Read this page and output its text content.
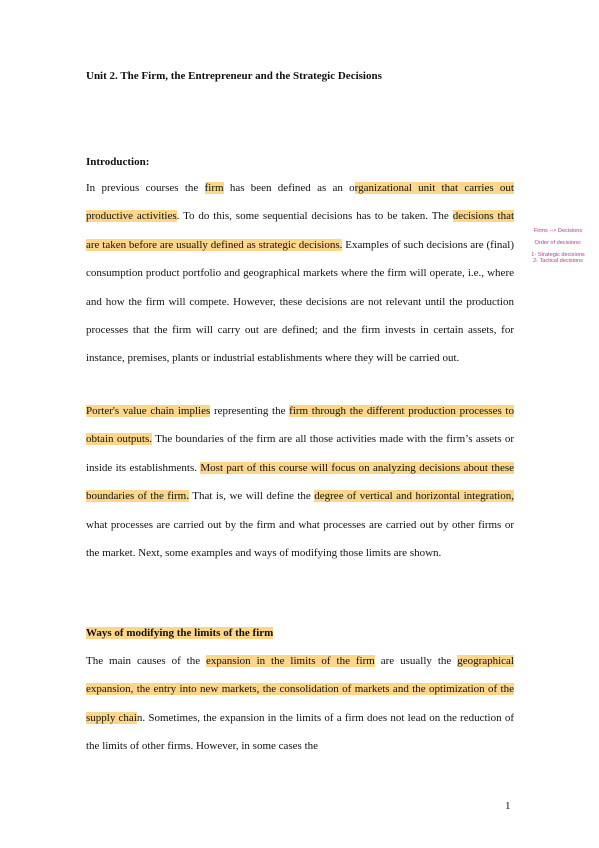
Unit 2. The Firm, the Entrepreneur and the Strategic Decisions
Introduction:

In previous courses the firm has been defined as an organizational unit that carries out productive activities. To do this, some sequential decisions has to be taken. The decisions that are taken before are usually defined as strategic decisions. Examples of such decisions are (final) consumption product portfolio and geographical markets where the firm will operate, i.e., where and how the firm will compete. However, these decisions are not relevant until the production processes that the firm will carry out are defined; and the firm invests in certain assets, for instance, premises, plants or industrial establishments where they will be carried out.

Porter's value chain implies representing the firm through the different production processes to obtain outputs. The boundaries of the firm are all those activities made with the firm’s assets or inside its establishments. Most part of this course will focus on analyzing decisions about these boundaries of the firm. That is, we will define the degree of vertical and horizontal integration, what processes are carried out by the firm and what processes are carried out by other firms or the market. Next, some examples and ways of modifying those limits are shown.

Ways of modifying the limits of the firm

The main causes of the expansion in the limits of the firm are usually the geographical expansion, the entry into new markets, the consolidation of markets and the optimization of the supply chain. Sometimes, the expansion in the limits of a firm does not lead on the reduction of the limits of other firms. However, in some cases the

Firms --> Decisions
Order of decisions:
1- Strategic decisions
2- Tactical decisions
1
